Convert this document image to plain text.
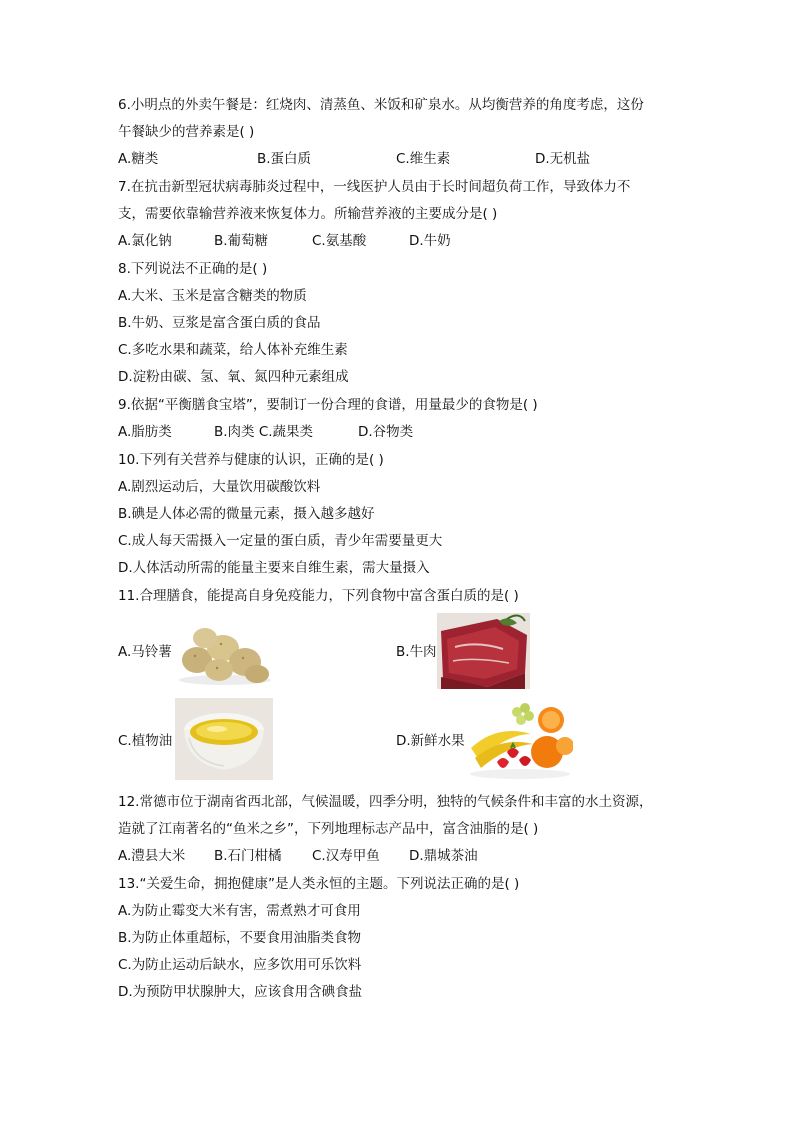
6.小明点的外卖午餐是：红烧肉、清蒸鱼、米饭和矿泉水。从均衡营养的角度考虑，这份
午餐缺少的营养素是( )
A.糖类	B.蛋白质	C.维生素	D.无机盐
7.在抗击新型冠状病毒肺炎过程中，一线医护人员由于长时间超负荷工作，导致体力不
支，需要依靠输营养液来恢复体力。所输营养液的主要成分是( )
A.氯化钠	B.葡萄糖	C.氨基酸	D.牛奶
8.下列说法不正确的是( )
A.大米、玉米是富含糖类的物质
B.牛奶、豆浆是富含蛋白质的食品
C.多吃水果和蔬菜，给人体补充维生素
D.淀粉由碳、氢、氧、氮四种元素组成
9.依据“平衡膳食宝塔”，要制订一份合理的食谱，用量最少的食物是( )
A.脂肪类	B.肉类 C.蔬果类	D.谷物类
10.下列有关营养与健康的认识，正确的是( )
A.剧烈运动后，大量饮用碳酸饮料
B.碘是人体必需的微量元素，摄入越多越好
C.成人每天需摄入一定量的蛋白质，青少年需要量更大
D.人体活动所需的能量主要来自维生素，需大量摄入
11.合理膳食，能提高自身免疫能力，下列食物中富含蛋白质的是( )
A.马铃薯	B.牛肉
C.植物油	D.新鲜水果
12.常德市位于湖南省西北部，气候温暖，四季分明，独特的气候条件和丰富的水土资源，
造就了江南著名的“鱼米之乡”，下列地理标志产品中，富含油脂的是( )
A.澧县大米 B.石门柑橘 C.汉寿甲鱼 D.鼎城茶油
13.“关爱生命，拥抱健康”是人类永恒的主题。下列说法正确的是( )
A.为防止霉变大米有害，需煮熟才可食用
B.为防止体重超标，不要食用油脂类食物
C.为防止运动后缺水，应多饮用可乐饮料
D.为预防甲状腺肿大，应该食用含碘食盐
